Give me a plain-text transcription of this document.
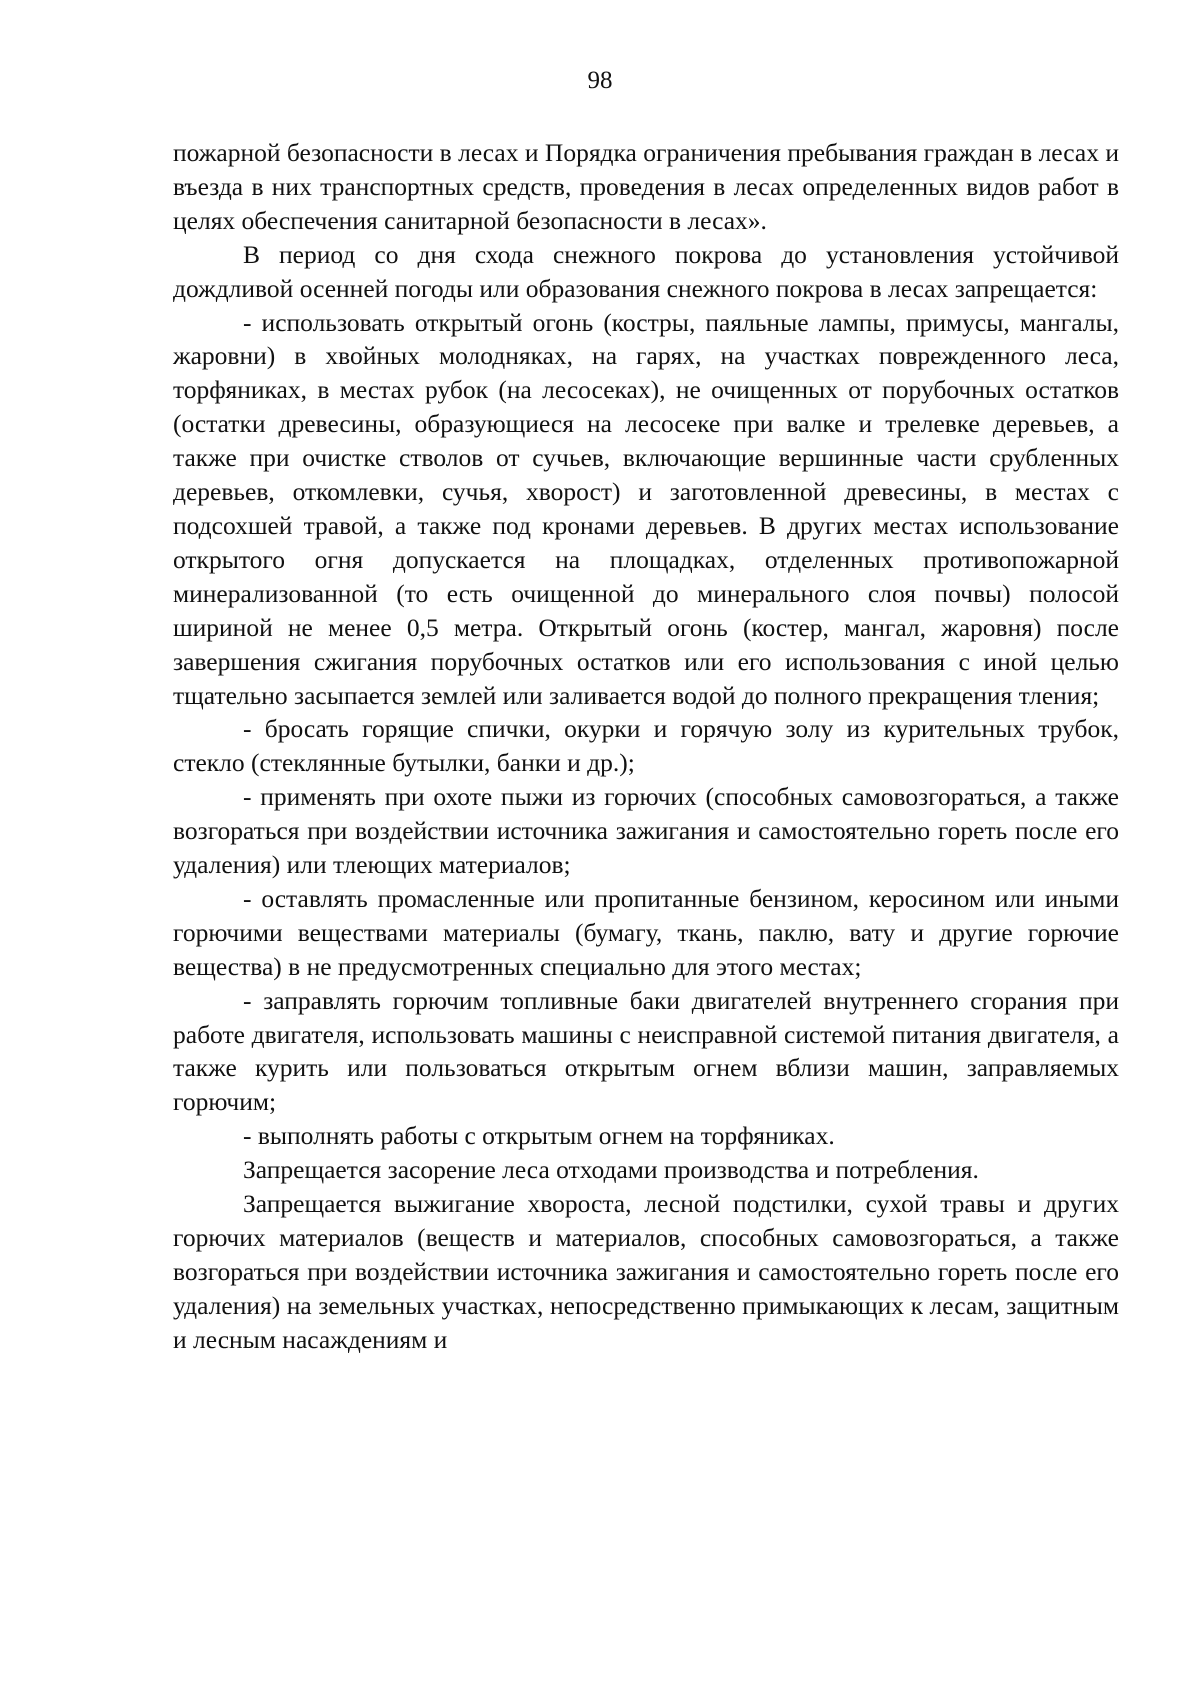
98

пожарной безопасности в лесах и Порядка ограничения пребывания граждан в лесах и въезда в них транспортных средств, проведения в лесах определенных видов работ в целях обеспечения санитарной безопасности в лесах».

В период со дня схода снежного покрова до установления устойчивой дождливой осенней погоды или образования снежного покрова в лесах запрещается:

- использовать открытый огонь (костры, паяльные лампы, примусы, мангалы, жаровни) в хвойных молодняках, на гарях, на участках поврежденного леса, торфяниках, в местах рубок (на лесосеках), не очищенных от порубочных остатков (остатки древесины, образующиеся на лесосеке при валке и трелевке деревьев, а также при очистке стволов от сучьев, включающие вершинные части срубленных деревьев, откомлевки, сучья, хворост) и заготовленной древесины, в местах с подсохшей травой, а также под кронами деревьев. В других местах использование открытого огня допускается на площадках, отделенных противопожарной минерализованной (то есть очищенной до минерального слоя почвы) полосой шириной не менее 0,5 метра. Открытый огонь (костер, мангал, жаровня) после завершения сжигания порубочных остатков или его использования с иной целью тщательно засыпается землей или заливается водой до полного прекращения тления;

- бросать горящие спички, окурки и горячую золу из курительных трубок, стекло (стеклянные бутылки, банки и др.);

- применять при охоте пыжи из горючих (способных самовозгораться, а также возгораться при воздействии источника зажигания и самостоятельно гореть после его удаления) или тлеющих материалов;

- оставлять промасленные или пропитанные бензином, керосином или иными горючими веществами материалы (бумагу, ткань, паклю, вату и другие горючие вещества) в не предусмотренных специально для этого местах;

- заправлять горючим топливные баки двигателей внутреннего сгорания при работе двигателя, использовать машины с неисправной системой питания двигателя, а также курить или пользоваться открытым огнем вблизи машин, заправляемых горючим;

- выполнять работы с открытым огнем на торфяниках.

Запрещается засорение леса отходами производства и потребления.

Запрещается выжигание хвороста, лесной подстилки, сухой травы и других горючих материалов (веществ и материалов, способных самовозгораться, а также возгораться при воздействии источника зажигания и самостоятельно гореть после его удаления) на земельных участках, непосредственно примыкающих к лесам, защитным и лесным насаждениям и
